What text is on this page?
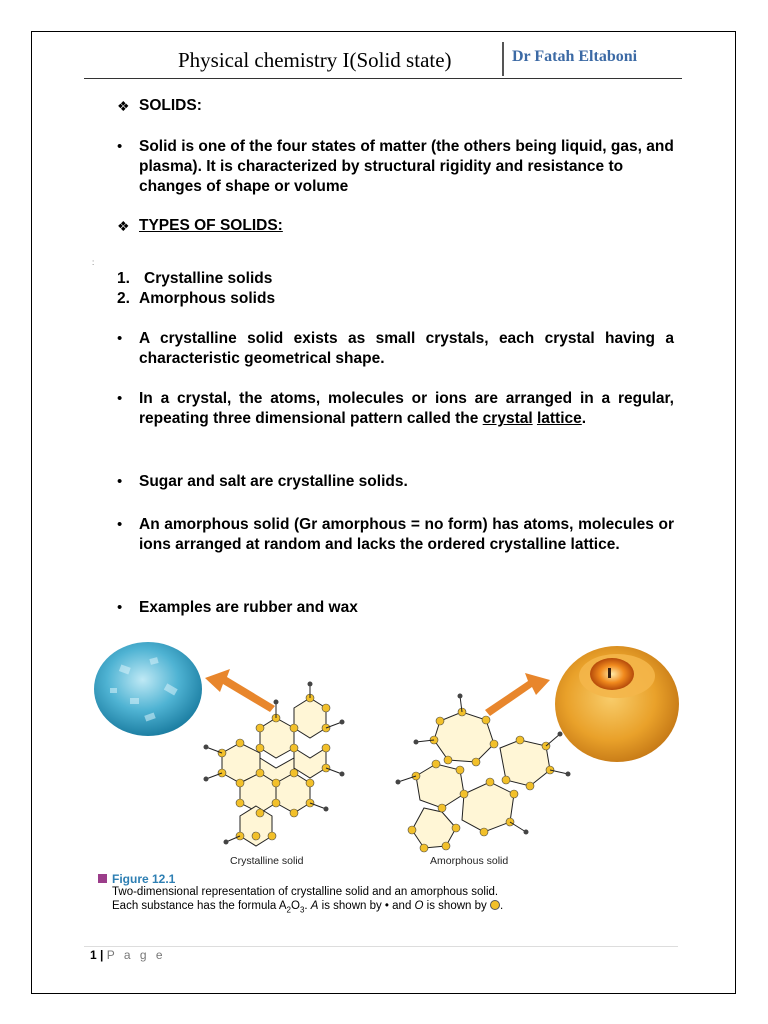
Physical chemistry I(Solid state)	Dr Fatah Eltaboni
❖ SOLIDS:
• Solid is one of the four states of matter (the others being liquid, gas, and plasma). It is characterized by structural rigidity and resistance to changes of shape or volume
❖ TYPES OF SOLIDS:
:
1. Crystalline solids
2. Amorphous solids
• A crystalline solid exists as small crystals, each crystal having a characteristic geometrical shape.
• In a crystal, the atoms, molecules or ions are arranged in a regular, repeating three dimensional pattern called the crystal lattice.
• Sugar and salt are crystalline solids.
• An amorphous solid (Gr amorphous = no form) has atoms, molecules or ions arranged at random and lacks the ordered crystalline lattice.
• Examples are rubber and wax
Crystalline solid	Amorphous solid
Figure 12.1
Two-dimensional representation of crystalline solid and an amorphous solid.
Each substance has the formula $A_2O_3$. A is shown by • and O is shown by .
1 | P a g e
